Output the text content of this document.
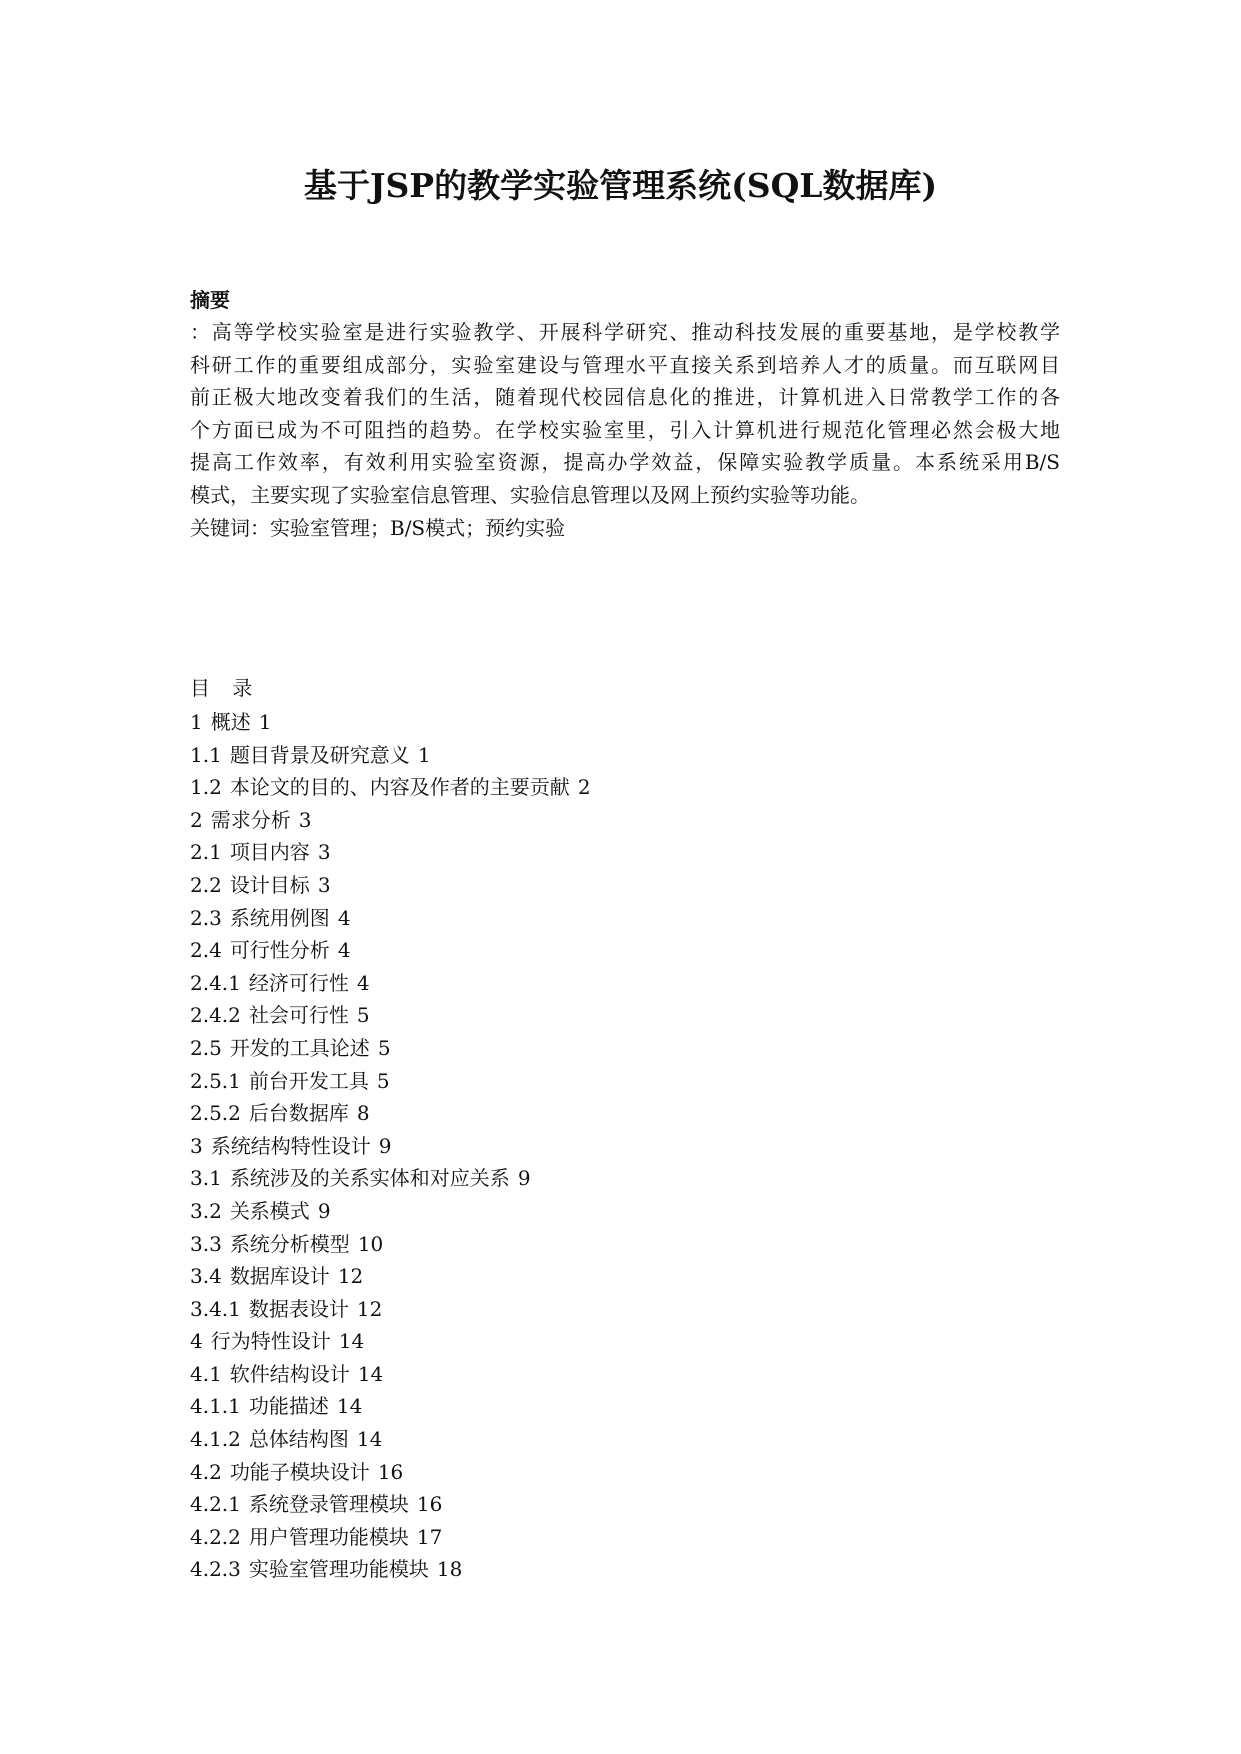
基于JSP的教学实验管理系统(SQL数据库)
摘要
：高等学校实验室是进行实验教学、开展科学研究、推动科技发展的重要基地，是学校教学
科研工作的重要组成部分，实验室建设与管理水平直接关系到培养人才的质量。而互联网目
前正极大地改变着我们的生活，随着现代校园信息化的推进，计算机进入日常教学工作的各
个方面已成为不可阻挡的趋势。在学校实验室里，引入计算机进行规范化管理必然会极大地
提高工作效率，有效利用实验室资源，提高办学效益，保障实验教学质量。本系统采用B/S
模式，主要实现了实验室信息管理、实验信息管理以及网上预约实验等功能。
关键词：实验室管理；B/S模式；预约实验
目 录
1 概述 1
1.1 题目背景及研究意义 1
1.2 本论文的目的、内容及作者的主要贡献 2
2 需求分析 3
2.1 项目内容 3
2.2 设计目标 3
2.3 系统用例图 4
2.4 可行性分析 4
2.4.1 经济可行性 4
2.4.2 社会可行性 5
2.5 开发的工具论述 5
2.5.1 前台开发工具 5
2.5.2 后台数据库 8
3 系统结构特性设计 9
3.1 系统涉及的关系实体和对应关系 9
3.2 关系模式 9
3.3 系统分析模型 10
3.4 数据库设计 12
3.4.1 数据表设计 12
4 行为特性设计 14
4.1 软件结构设计 14
4.1.1 功能描述 14
4.1.2 总体结构图 14
4.2 功能子模块设计 16
4.2.1 系统登录管理模块 16
4.2.2 用户管理功能模块 17
4.2.3 实验室管理功能模块 18
